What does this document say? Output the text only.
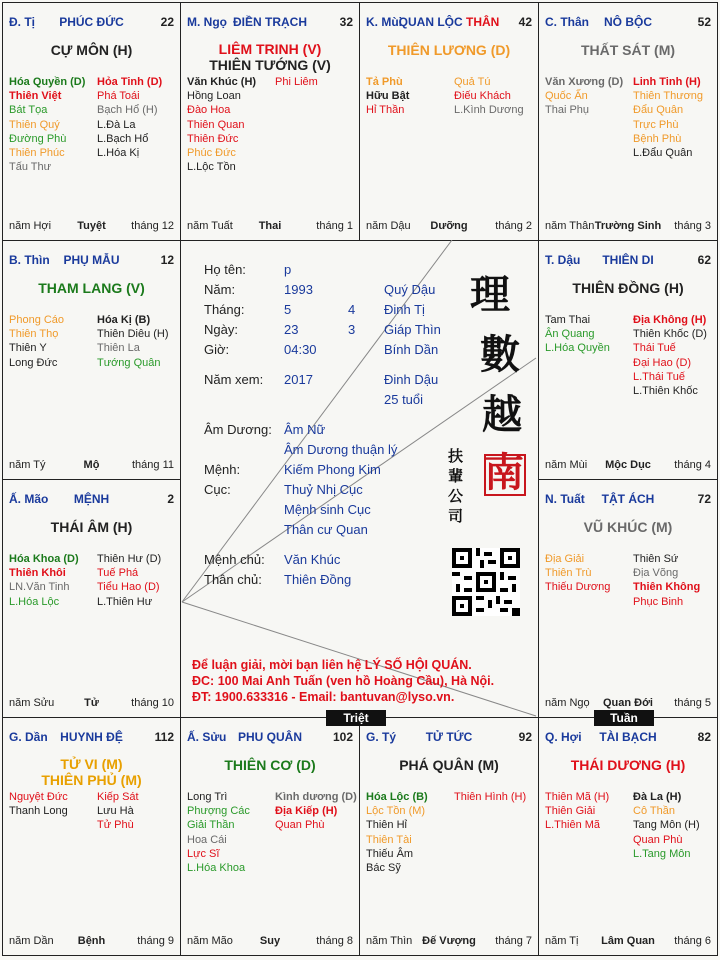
Đ. Tị	PHÚC ĐỨC	22
CỰ MÔN (H)
Hóa Quyền (D)
Thiên Việt
Bát Tọa
Thiên Quý
Đường Phù
Thiên Phúc
Tấu Thư
Hỏa Tinh (D)
Phá Toái
Bạch Hổ (H)
L.Đà La
L.Bạch Hổ
L.Hóa Kị
năm Hợi	Tuyệt	tháng 12
M. Ngọ ĐIỀN TRẠCH	32
LIÊM TRINH (V)
THIÊN TƯỚNG (V)
Văn Khúc (H)
Hồng Loan
Đào Hoa
Thiên Quan
Thiên Đức
Phúc Đức
L.Lộc Tồn
Phi Liêm
năm Tuất	Thai	tháng 1
K. Mùi
QUAN LỘC THÂN	42
THIÊN LƯƠNG (D)
Tả Phù
Hữu Bật
Hỉ Thần
Quả Tú
Điếu Khách
L.Kình Dương
năm Dậu	Dưỡng	tháng 2
C. Thân	NÔ BỘC	52
THẤT SÁT (M)
Văn Xương (D)
Quốc Ấn
Thai Phụ
Linh Tinh (H)
Thiên Thương
Đẩu Quân
Trực Phù
Bệnh Phù
L.Đẩu Quân
năm Thân Trường Sinh	tháng 3
B. Thìn	PHỤ MẪU	12
THAM LANG (V)
Phong Cáo
Thiên Thọ
Thiên Y
Long Đức
Hóa Kị (B)
Thiên Diêu (H)
Thiên La
Tướng Quân
năm Tý	Mộ	tháng 11
T. Dậu	THIÊN DI	62
THIÊN ĐỒNG (H)
Tam Thai
Ân Quang
L.Hóa Quyền
Địa Không (H)
Thiên Khốc (D)
Thái Tuế
Đại Hao (D)
L.Thái Tuế
L.Thiên Khốc
năm Mùi	Mộc Dục	tháng 4
Ấ. Mão	MỆNH	2
THÁI ÂM (H)
Hóa Khoa (D)
Thiên Khôi
LN.Văn Tinh
L.Hóa Lộc
Thiên Hư (D)
Tuế Phá
Tiểu Hao (D)
L.Thiên Hư
năm Sửu	Tử	tháng 10
N. Tuất	TẬT ÁCH	72
VŨ KHÚC (M)
Địa Giải
Thiên Trù
Thiếu Dương
Thiên Sứ
Địa Võng
Thiên Không
Phục Binh
năm Ngọ	Quan Đới	tháng 5
G. Dần	HUYNH ĐỆ	112
TỬ VI (M)
THIÊN PHỦ (M)
Nguyệt Đức
Thanh Long
Kiếp Sát
Lưu Hà
Tử Phù
năm Dần	Bệnh	tháng 9
Ấ. Sửu PHU QUÂN	102
THIÊN CƠ (D)
Long Trì
Phượng Các
Giải Thần
Hoa Cái
Lực Sĩ
L.Hóa Khoa
Kình dương (D)
Địa Kiếp (H)
Quan Phù
năm Mão	Suy	tháng 8
G. Tý	TỬ TỨC	92
PHÁ QUÂN (M)
Hóa Lộc (B)
Lộc Tồn (M)
Thiên Hỉ
Thiên Tài
Thiếu Âm
Bác Sỹ
Thiên Hình (H)
năm Thìn Đế Vượng	tháng 7
Q. Hợi	TÀI BẠCH	82
THÁI DƯƠNG (H)
Thiên Mã (H)
Thiên Giải
L.Thiên Mã
Đà La (H)
Cô Thần
Tang Môn (H)
Quan Phù
L.Tang Môn
năm Tị	Lâm Quan	tháng 6
Họ tên:	p
Năm:	1993	Quý Dậu
Tháng:	5	4 Đinh Tị
Ngày:	23	3 Giáp Thìn
Giờ:	04:30	Bính Dần
Năm xem: 2017	Đinh Dậu
25 tuổi
Âm Dương: Âm Nữ
Âm Dương thuận lý
Mệnh:	Kiếm Phong Kim
Cục:	Thuỷ Nhị Cục
Mệnh sinh Cục
Thân cư Quan
Mệnh chủ: Văn Khúc
Thân chủ: Thiên Đồng
理
數
越
南
扶
輩
公
司
Để luận giải, mời bạn liên hệ LÝ SỐ HỘI QUÁN.
ĐC: 100 Mai Anh Tuấn (ven hồ Hoàng Cầu), Hà Nội.
ĐT: 1900.633316 - Email: bantuvan@lyso.vn.
Triệt	Tuần
